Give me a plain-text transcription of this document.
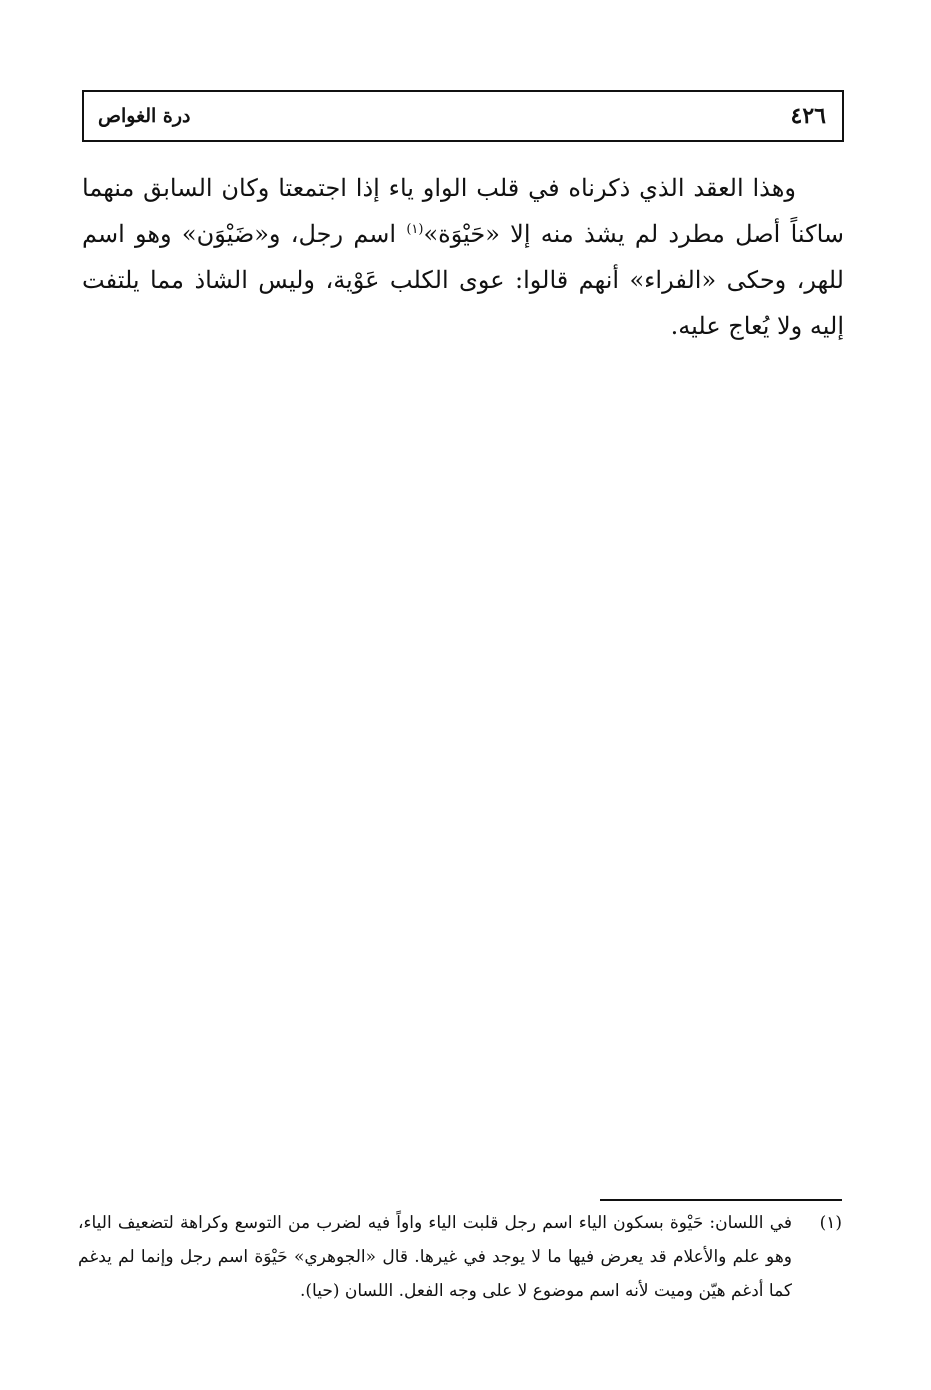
٤٢٦
درة الغواص

وهذا العقد الذي ذكرناه في قلب الواو ياء إذا اجتمعتا وكان السابق منهما ساكناً أصل مطرد لم يشذ منه إلا «حَيْوَة»$^{(١)}$ اسم رجل، و«ضَيْوَن» وهو اسم للهر، وحكى «الفراء» أنهم قالوا: عوى الكلب عَوْية، وليس الشاذ مما يلتفت إليه ولا يُعاج عليه.

(١)
في اللسان: حَيْوة بسكون الياء اسم رجل قلبت الياء واواً فيه لضرب من التوسع وكراهة لتضعيف الياء، وهو علم والأعلام قد يعرض فيها ما لا يوجد في غيرها. قال «الجوهري» حَيْوَة اسم رجل وإنما لم يدغم كما أدغم هيّن وميت لأنه اسم موضوع لا على وجه الفعل. اللسان (حيا).
